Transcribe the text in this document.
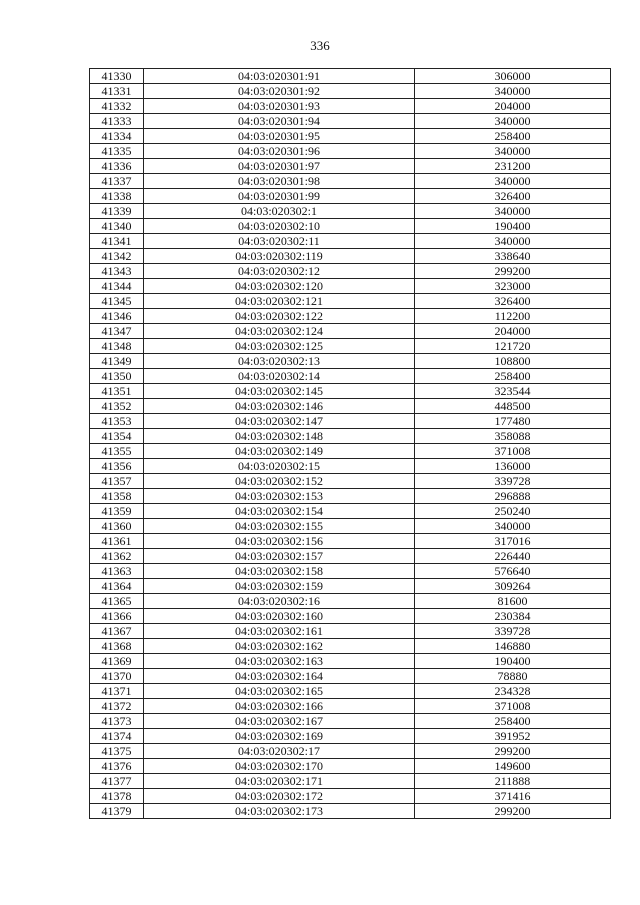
336
41330	04:03:020301:91	306000
41331	04:03:020301:92	340000
41332	04:03:020301:93	204000
41333	04:03:020301:94	340000
41334	04:03:020301:95	258400
41335	04:03:020301:96	340000
41336	04:03:020301:97	231200
41337	04:03:020301:98	340000
41338	04:03:020301:99	326400
41339	04:03:020302:1	340000
41340	04:03:020302:10	190400
41341	04:03:020302:11	340000
41342	04:03:020302:119	338640
41343	04:03:020302:12	299200
41344	04:03:020302:120	323000
41345	04:03:020302:121	326400
41346	04:03:020302:122	112200
41347	04:03:020302:124	204000
41348	04:03:020302:125	121720
41349	04:03:020302:13	108800
41350	04:03:020302:14	258400
41351	04:03:020302:145	323544
41352	04:03:020302:146	448500
41353	04:03:020302:147	177480
41354	04:03:020302:148	358088
41355	04:03:020302:149	371008
41356	04:03:020302:15	136000
41357	04:03:020302:152	339728
41358	04:03:020302:153	296888
41359	04:03:020302:154	250240
41360	04:03:020302:155	340000
41361	04:03:020302:156	317016
41362	04:03:020302:157	226440
41363	04:03:020302:158	576640
41364	04:03:020302:159	309264
41365	04:03:020302:16	81600
41366	04:03:020302:160	230384
41367	04:03:020302:161	339728
41368	04:03:020302:162	146880
41369	04:03:020302:163	190400
41370	04:03:020302:164	78880
41371	04:03:020302:165	234328
41372	04:03:020302:166	371008
41373	04:03:020302:167	258400
41374	04:03:020302:169	391952
41375	04:03:020302:17	299200
41376	04:03:020302:170	149600
41377	04:03:020302:171	211888
41378	04:03:020302:172	371416
41379	04:03:020302:173	299200
